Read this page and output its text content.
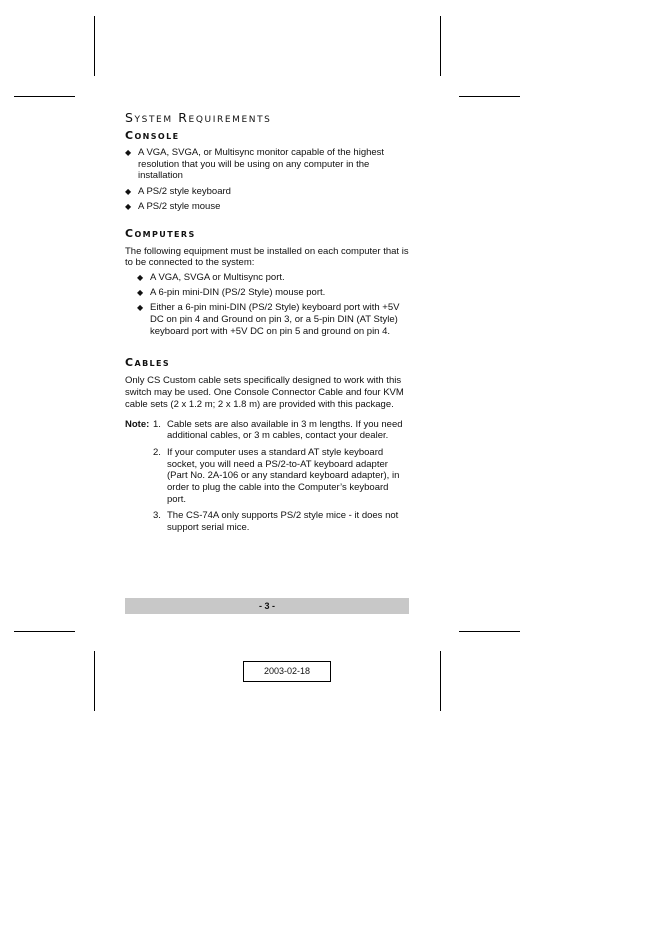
System Requirements
Console
◆ A VGA, SVGA, or Multisync monitor capable of the highest resolution that you will be using on any computer in the installation
◆ A PS/2 style keyboard
◆ A PS/2 style mouse
Computers

The following equipment must be installed on each computer that is to be connected to the system:

◆ A VGA, SVGA or Multisync port.
◆ A 6-pin mini-DIN (PS/2 Style) mouse port.
◆ Either a 6-pin mini-DIN (PS/2 Style) keyboard port with +5V DC on pin 4 and Ground on pin 3, or a 5-pin DIN (AT Style) keyboard port with +5V DC on pin 5 and ground on pin 4.
Cables

Only CS Custom cable sets specifically designed to work with this switch may be used. One Console Connector Cable and four KVM cable sets (2 x 1.2 m; 2 x 1.8 m) are provided with this package.

Note: 1. Cable sets are also available in 3 m lengths. If you need additional cables, or 3 m cables, contact your dealer.
2. If your computer uses a standard AT style keyboard socket, you will need a PS/2-to-AT keyboard adapter (Part No. 2A-106 or any standard keyboard adapter), in order to plug the cable into the Computer’s keyboard port.
3. The CS-74A only supports PS/2 style mice - it does not support serial mice.
- 3 -
2003-02-18
